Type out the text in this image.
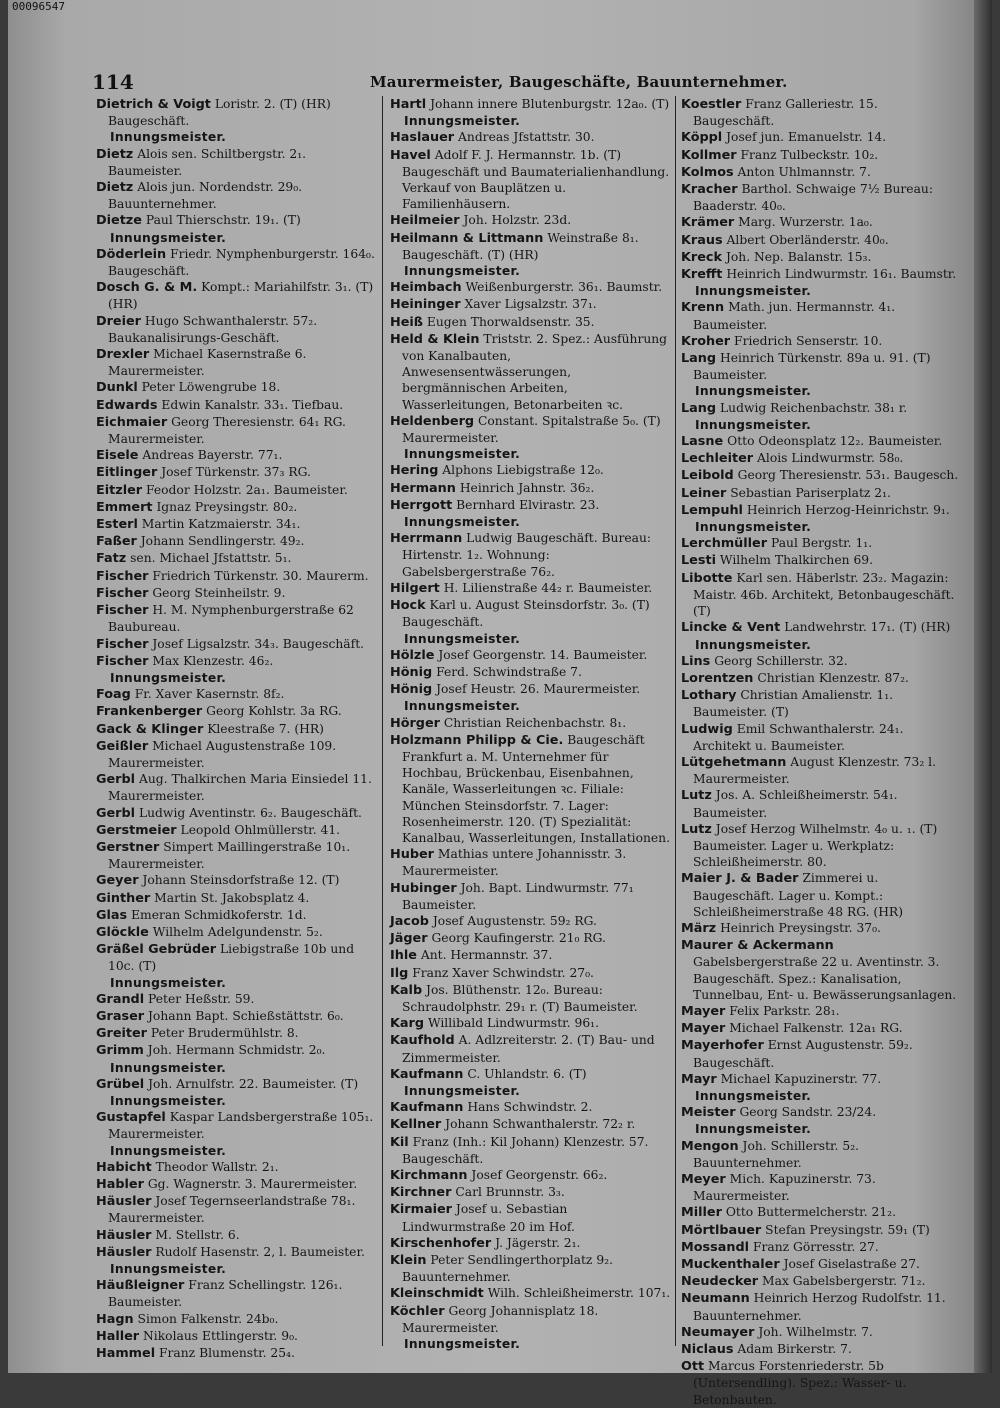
00096547
114	Maurermeister, Baugeschäfte, Bauunternehmer.

Dietrich & Voigt Loristr. 2. (T) (HR) Baugeschäft.

Innungsmeister.

Dietz Alois sen. Schiltbergstr. 2₁. Baumeister.

Dietz Alois jun. Nordendstr. 29₀. Bauunternehmer.

Dietze Paul Thierschstr. 19₁. (T)

Innungsmeister.

Döderlein Friedr. Nymphenburgerstr. 164₀. Baugeschäft.

Dosch G. & M. Kompt.: Mariahilfstr. 3₁. (T)(HR)

Dreier Hugo Schwanthalerstr. 57₂. Baukanalisirungs-Geschäft.

Drexler Michael Kasernstraße 6. Maurermeister.

Dunkl Peter Löwengrube 18.

Edwards Edwin Kanalstr. 33₁. Tiefbau.

Eichmaier Georg Theresienstr. 64₁ RG. Maurermeister.

Eisele Andreas Bayerstr. 77₁.

Eitlinger Josef Türkenstr. 37₃ RG.

Eitzler Feodor Holzstr. 2a₁. Baumeister.

Emmert Ignaz Preysingstr. 80₂.

Esterl Martin Katzmaierstr. 34₁.

Faßer Johann Sendlingerstr. 49₂.

Fatz sen. Michael Jfstattstr. 5₁.

Fischer Friedrich Türkenstr. 30. Maurerm.

Fischer Georg Steinheilstr. 9.

Fischer H. M. Nymphenburgerstraße 62 Baubureau.

Fischer Josef Ligsalzstr. 34₃. Baugeschäft.

Fischer Max Klenzestr. 46₂.

Innungsmeister.

Foag Fr. Xaver Kasernstr. 8f₂.

Frankenberger Georg Kohlstr. 3a RG.

Gack & Klinger Kleestraße 7. (HR)

Geißler Michael Augustenstraße 109. Maurermeister.

Gerbl Aug. Thalkirchen Maria Einsiedel 11. Maurermeister.

Gerbl Ludwig Aventinstr. 6₂. Baugeschäft.

Gerstmeier Leopold Ohlmüllerstr. 41.

Gerstner Simpert Maillingerstraße 10₁. Maurermeister.

Geyer Johann Steinsdorfstraße 12. (T)

Ginther Martin St. Jakobsplatz 4.

Glas Emeran Schmidkoferstr. 1d.

Glöckle Wilhelm Adelgundenstr. 5₂.

Gräßel Gebrüder Liebigstraße 10b und 10c. (T)

Innungsmeister.

Grandl Peter Heßstr. 59.

Graser Johann Bapt. Schießstättstr. 6₀.

Greiter Peter Brudermühlstr. 8.

Grimm Joh. Hermann Schmidstr. 2₀.

Innungsmeister.

Grübel Joh. Arnulfstr. 22. Baumeister. (T)

Innungsmeister.

Gustapfel Kaspar Landsbergerstraße 105₁. Maurermeister.

Innungsmeister.

Habicht Theodor Wallstr. 2₁.

Habler Gg. Wagnerstr. 3. Maurermeister.

Häusler Josef Tegernseerlandstraße 78₁. Maurermeister.

Häusler M. Stellstr. 6.

Häusler Rudolf Hasenstr. 2, l. Baumeister.

Innungsmeister.

Häußleigner Franz Schellingstr. 126₁. Baumeister.

Hagn Simon Falkenstr. 24b₀.

Haller Nikolaus Ettlingerstr. 9₀.

Hammel Franz Blumenstr. 25₄.

Hartl Johann innere Blutenburgstr. 12a₀. (T)

Innungsmeister.

Haslauer Andreas Jfstattstr. 30.

Havel Adolf F. J. Hermannstr. 1b. (T) Baugeschäft und Baumaterialienhandlung. Verkauf von Bauplätzen u. Familienhäusern.

Heilmeier Joh. Holzstr. 23d.

Heilmann & Littmann Weinstraße 8₁. Baugeschäft. (T) (HR)

Innungsmeister.

Heimbach Weißenburgerstr. 36₁. Baumstr.

Heininger Xaver Ligsalzstr. 37₁.

Heiß Eugen Thorwaldsenstr. 35.

Held & Klein Triststr. 2. Spez.: Ausführung von Kanalbauten, Anwesensentwässerungen, bergmännischen Arbeiten, Wasserleitungen, Betonarbeiten ꝛc.

Heldenberg Constant. Spitalstraße 5₀. (T) Maurermeister.

Innungsmeister.

Hering Alphons Liebigstraße 12₀.

Hermann Heinrich Jahnstr. 36₂.

Herrgott Bernhard Elvirastr. 23.

Innungsmeister.

Herrmann Ludwig Baugeschäft. Bureau: Hirtenstr. 1₂. Wohnung: Gabelsbergerstraße 76₂.

Hilgert H. Lilienstraße 44₂ r. Baumeister.

Hock Karl u. August Steinsdorfstr. 3₀. (T) Baugeschäft.

Innungsmeister.

Hölzle Josef Georgenstr. 14. Baumeister.

Hönig Ferd. Schwindstraße 7.

Hönig Josef Heustr. 26. Maurermeister.

Innungsmeister.

Hörger Christian Reichenbachstr. 8₁.

Holzmann Philipp & Cie. Baugeschäft Frankfurt a. M. Unternehmer für Hochbau, Brückenbau, Eisenbahnen, Kanäle, Wasserleitungen ꝛc. Filiale: München Steinsdorfstr. 7. Lager: Rosenheimerstr. 120. (T) Spezialität: Kanalbau, Wasserleitungen, Installationen.

Huber Mathias untere Johannisstr. 3. Maurermeister.

Hubinger Joh. Bapt. Lindwurmstr. 77₁ Baumeister.

Jacob Josef Augustenstr. 59₂ RG.

Jäger Georg Kaufingerstr. 21₀ RG.

Ihle Ant. Hermannstr. 37.

Ilg Franz Xaver Schwindstr. 27₀.

Kalb Jos. Blüthenstr. 12₀. Bureau: Schraudolphstr. 29₁ r. (T) Baumeister.

Karg Willibald Lindwurmstr. 96₁.

Kaufhold A. Adlzreiterstr. 2. (T) Bau- und Zimmermeister.

Kaufmann C. Uhlandstr. 6. (T)

Innungsmeister.

Kaufmann Hans Schwindstr. 2.

Kellner Johann Schwanthalerstr. 72₂ r.

Kil Franz (Inh.: Kil Johann) Klenzestr. 57. Baugeschäft.

Kirchmann Josef Georgenstr. 66₂.

Kirchner Carl Brunnstr. 3₃.

Kirmaier Josef u. Sebastian Lindwurmstraße 20 im Hof.

Kirschenhofer J. Jägerstr. 2₁.

Klein Peter Sendlingerthorplatz 9₂. Bauunternehmer.

Kleinschmidt Wilh. Schleißheimerstr. 107₁.

Köchler Georg Johannisplatz 18. Maurermeister.

Innungsmeister.

Koestler Franz Galleriestr. 15. Baugeschäft.

Köppl Josef jun. Emanuelstr. 14.

Kollmer Franz Tulbeckstr. 10₂.

Kolmos Anton Uhlmannstr. 7.

Kracher Barthol. Schwaige 7½ Bureau: Baaderstr. 40₀.

Krämer Marg. Wurzerstr. 1a₀.

Kraus Albert Oberländerstr. 40₀.

Kreck Joh. Nep. Balanstr. 15₃.

Krefft Heinrich Lindwurmstr. 16₁. Baumstr.

Innungsmeister.

Krenn Math. jun. Hermannstr. 4₁. Baumeister.

Kroher Friedrich Senserstr. 10.

Lang Heinrich Türkenstr. 89a u. 91. (T) Baumeister.

Innungsmeister.

Lang Ludwig Reichenbachstr. 38₁ r.

Innungsmeister.

Lasne Otto Odeonsplatz 12₂. Baumeister.

Lechleiter Alois Lindwurmstr. 58₀.

Leibold Georg Theresienstr. 53₁. Baugesch.

Leiner Sebastian Pariserplatz 2₁.

Lempuhl Heinrich Herzog-Heinrichstr. 9₁.

Innungsmeister.

Lerchmüller Paul Bergstr. 1₁.

Lesti Wilhelm Thalkirchen 69.

Libotte Karl sen. Häberlstr. 23₂. Magazin: Maistr. 46b. Architekt, Betonbaugeschäft. (T)

Lincke & Vent Landwehrstr. 17₁. (T) (HR)

Innungsmeister.

Lins Georg Schillerstr. 32.

Lorentzen Christian Klenzestr. 87₂.

Lothary Christian Amalienstr. 1₁. Baumeister. (T)

Ludwig Emil Schwanthalerstr. 24₁. Architekt u. Baumeister.

Lütgehetmann August Klenzestr. 73₂ l. Maurermeister.

Lutz Jos. A. Schleißheimerstr. 54₁. Baumeister.

Lutz Josef Herzog Wilhelmstr. 4₀ u. ₁. (T) Baumeister. Lager u. Werkplatz: Schleißheimerstr. 80.

Maier J. & Bader Zimmerei u. Baugeschäft. Lager u. Kompt.: Schleißheimerstraße 48 RG. (HR)

März Heinrich Preysingstr. 37₀.

Maurer & Ackermann Gabelsbergerstraße 22 u. Aventinstr. 3. Baugeschäft. Spez.: Kanalisation, Tunnelbau, Ent- u. Bewässerungsanlagen.

Mayer Felix Parkstr. 28₁.

Mayer Michael Falkenstr. 12a₁ RG.

Mayerhofer Ernst Augustenstr. 59₂. Baugeschäft.

Mayr Michael Kapuzinerstr. 77.

Innungsmeister.

Meister Georg Sandstr. 23/24.

Innungsmeister.

Mengon Joh. Schillerstr. 5₂. Bauunternehmer.

Meyer Mich. Kapuzinerstr. 73. Maurermeister.

Miller Otto Buttermelcherstr. 21₂.

Mörtlbauer Stefan Preysingstr. 59₁ (T)

Mossandl Franz Görresstr. 27.

Muckenthaler Josef Giselastraße 27.

Neudecker Max Gabelsbergerstr. 71₂.

Neumann Heinrich Herzog Rudolfstr. 11. Bauunternehmer.

Neumayer Joh. Wilhelmstr. 7.

Niclaus Adam Birkerstr. 7.

Ott Marcus Forstenriederstr. 5b (Untersendling). Spez.: Wasser- u. Betonbauten.
